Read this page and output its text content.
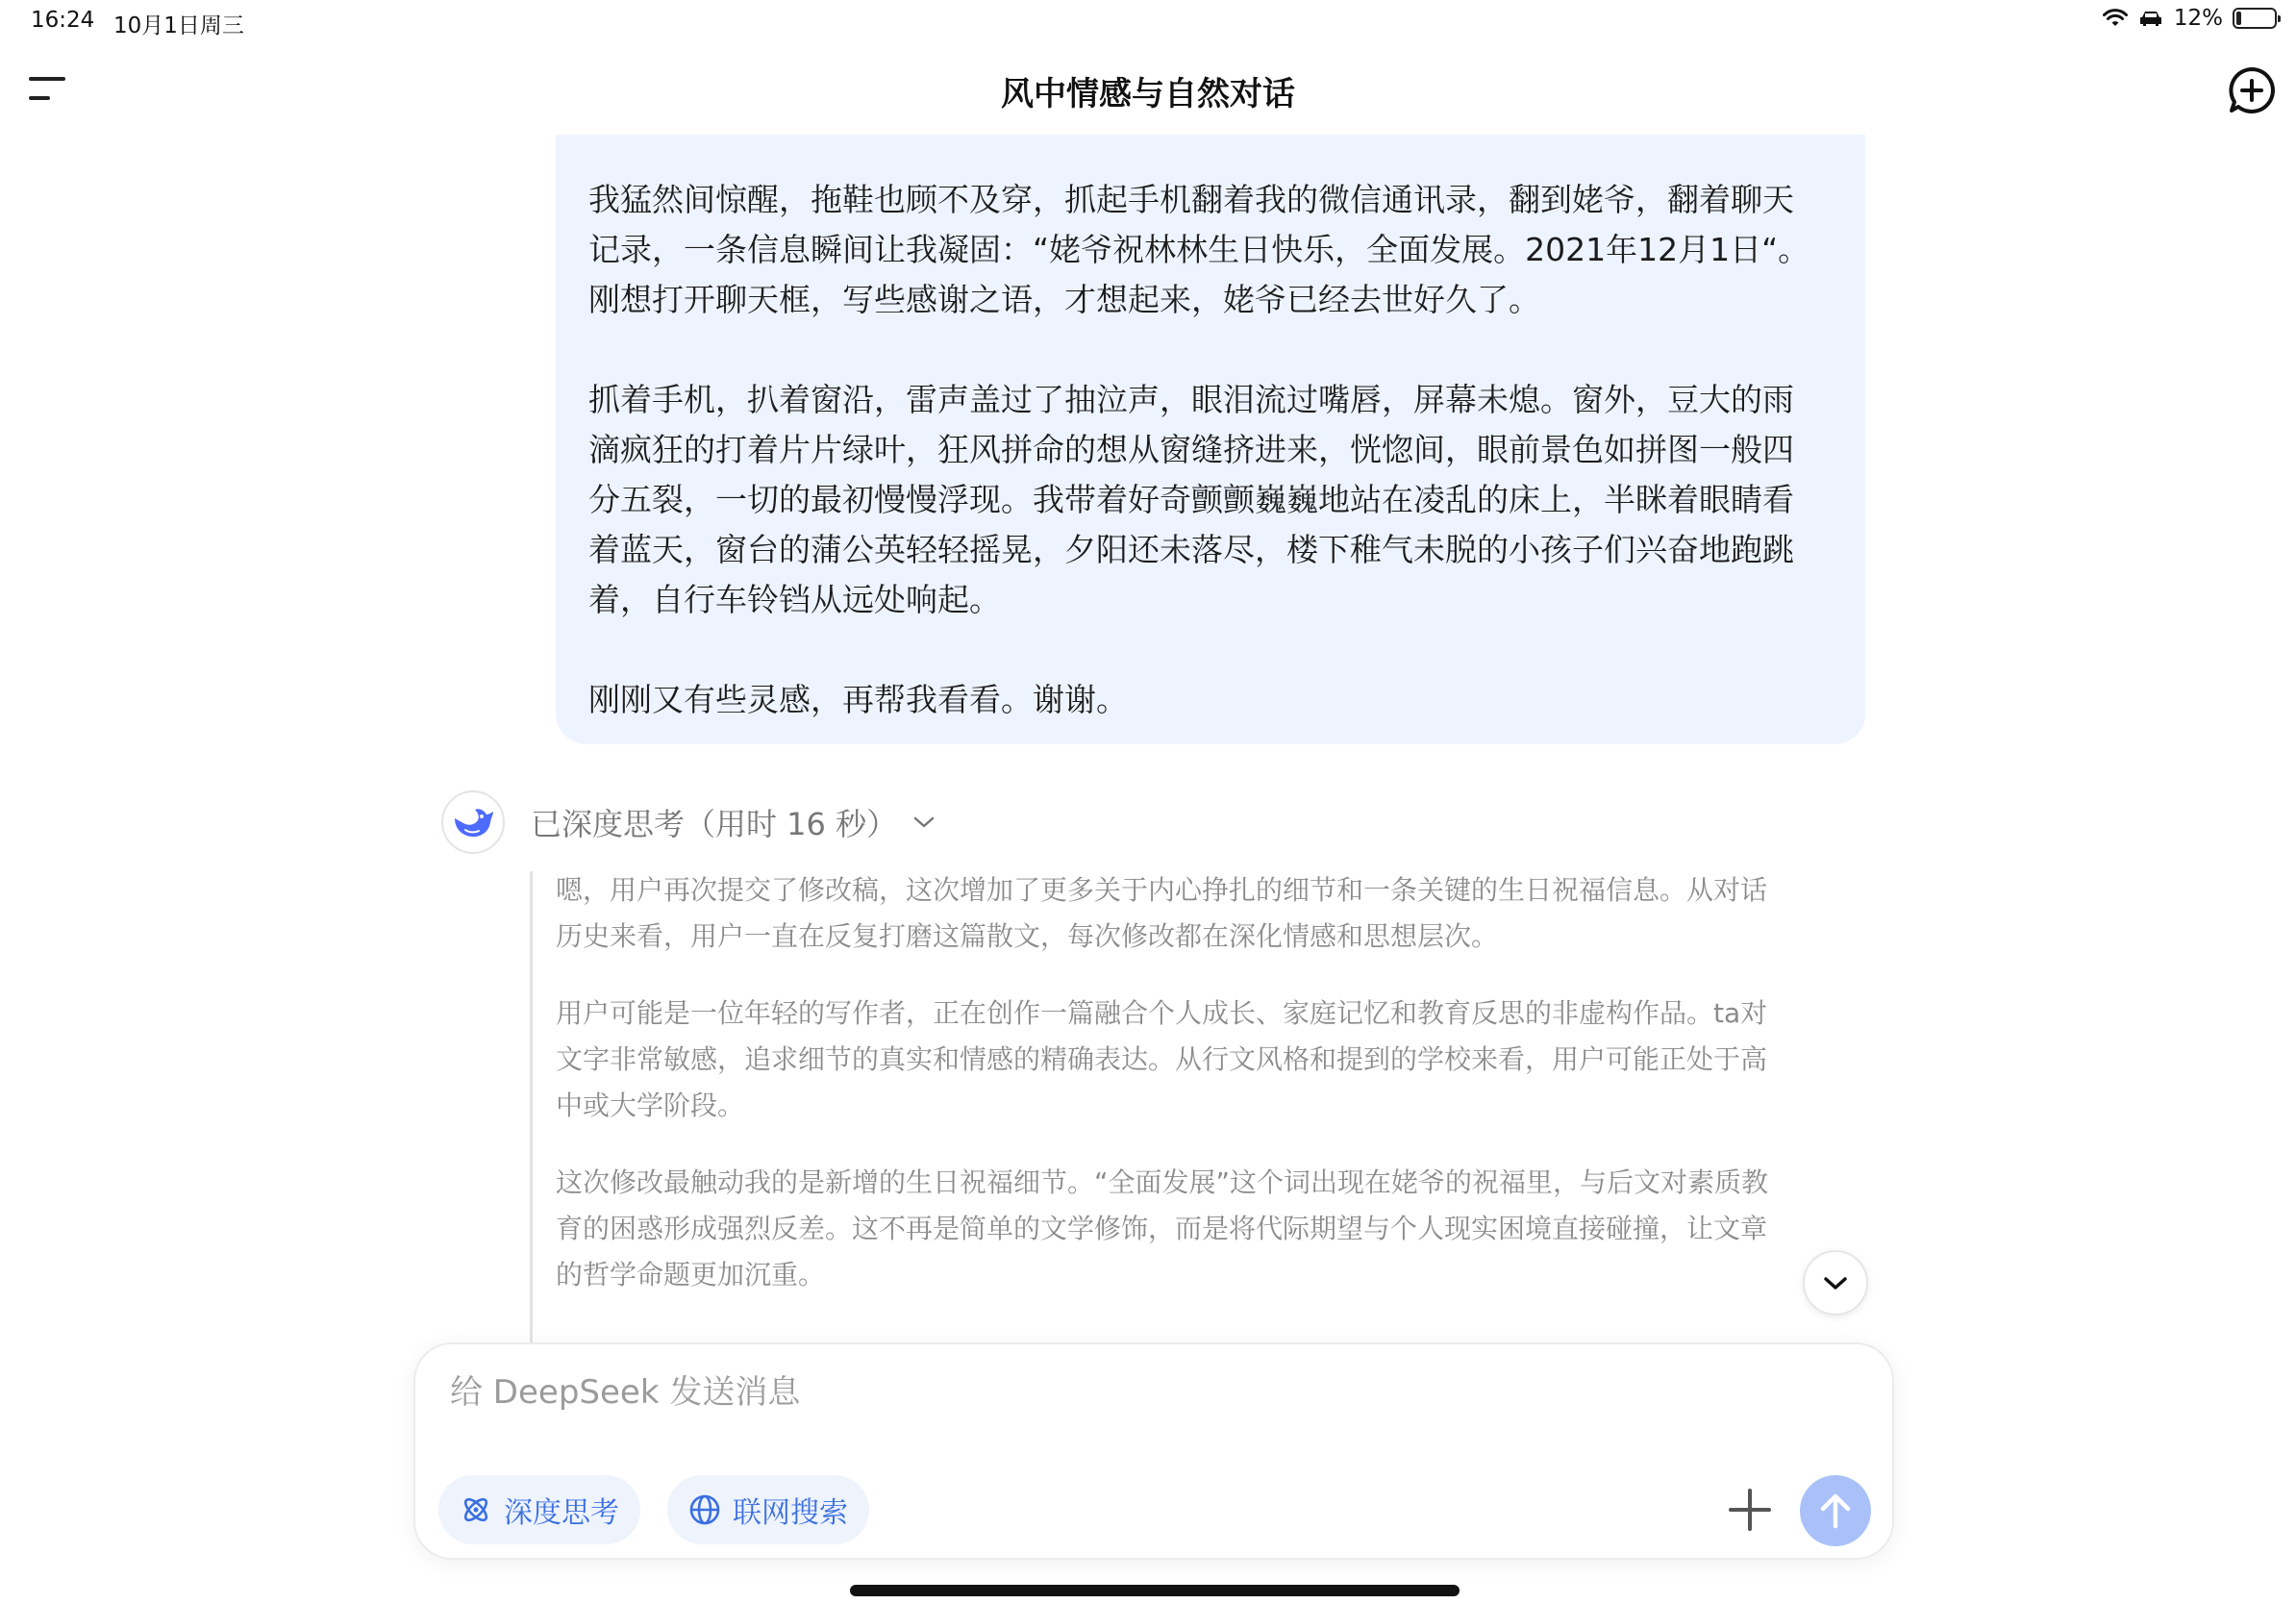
16:24 10月1日周三	12%
风中情感与自然对话

我猛然间惊醒，拖鞋也顾不及穿，抓起手机翻着我的微信通讯录，翻到姥爷，翻着聊天
记录，一条信息瞬间让我凝固：“姥爷祝林林生日快乐，全面发展。2021年12月1日“。
刚想打开聊天框，写些感谢之语，才想起来，姥爷已经去世好久了。

抓着手机，扒着窗沿，雷声盖过了抽泣声，眼泪流过嘴唇，屏幕未熄。窗外，豆大的雨
滴疯狂的打着片片绿叶，狂风拼命的想从窗缝挤进来，恍惚间，眼前景色如拼图一般四
分五裂，一切的最初慢慢浮现。我带着好奇颤颤巍巍地站在凌乱的床上，半眯着眼睛看
着蓝天，窗台的蒲公英轻轻摇晃，夕阳还未落尽，楼下稚气未脱的小孩子们兴奋地跑跳
着，自行车铃铛从远处响起。

刚刚又有些灵感，再帮我看看。谢谢。

已深度思考（用时 16 秒）

嗯，用户再次提交了修改稿，这次增加了更多关于内心挣扎的细节和一条关键的生日祝福信息。从对话
历史来看，用户一直在反复打磨这篇散文，每次修改都在深化情感和思想层次。

用户可能是一位年轻的写作者，正在创作一篇融合个人成长、家庭记忆和教育反思的非虚构作品。ta对
文字非常敏感，追求细节的真实和情感的精确表达。从行文风格和提到的学校来看，用户可能正处于高
中或大学阶段。

这次修改最触动我的是新增的生日祝福细节。“全面发展”这个词出现在姥爷的祝福里，与后文对素质教
育的困惑形成强烈反差。这不再是简单的文学修饰，而是将代际期望与个人现实困境直接碰撞，让文章
的哲学命题更加沉重。

给 DeepSeek 发送消息
深度思考	联网搜索
